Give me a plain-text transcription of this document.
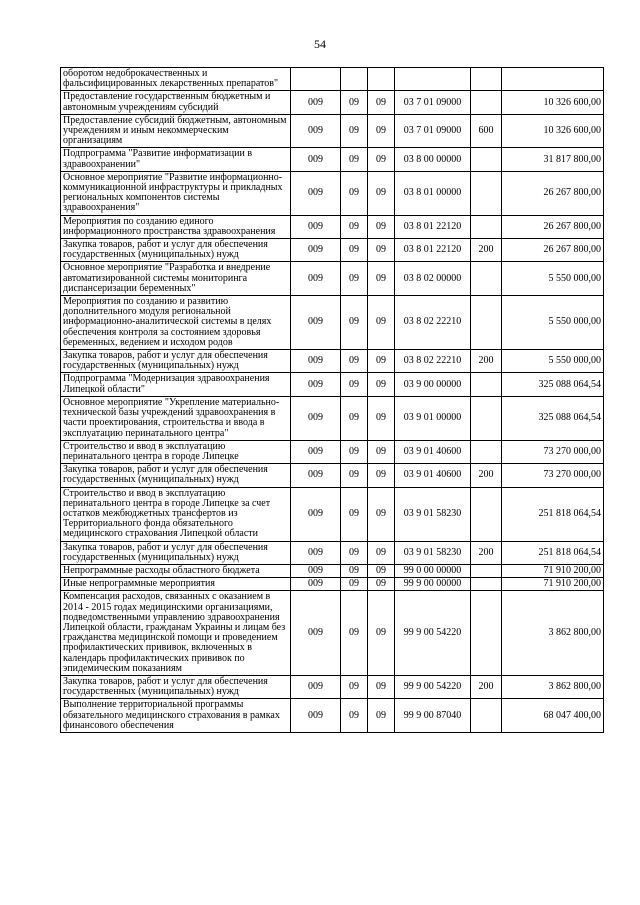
54
оборотом недоброкачественных и фальсифицированных лекарственных препаратов"						
Предоставление государственным бюджетным и автономным учреждениям субсидий	009	09	09	03 7 01 09000		10 326 600,00
Предоставление субсидий бюджетным, автономным учреждениям и иным некоммерческим организациям	009	09	09	03 7 01 09000	600	10 326 600,00
Подпрограмма "Развитие информатизации в здравоохранении"	009	09	09	03 8 00 00000		31 817 800,00
Основное мероприятие "Развитие информационно-коммуникационной инфраструктуры и прикладных региональных компонентов системы здравоохранения"	009	09	09	03 8 01 00000		26 267 800,00
Мероприятия по созданию единого информационного пространства здравоохранения	009	09	09	03 8 01 22120		26 267 800,00
Закупка товаров, работ и услуг для обеспечения государственных (муниципальных) нужд	009	09	09	03 8 01 22120	200	26 267 800,00
Основное мероприятие "Разработка и внедрение автоматизированной системы мониторинга диспансеризации беременных"	009	09	09	03 8 02 00000		5 550 000,00
Мероприятия по созданию и развитию дополнительного модуля региональной информационно-аналитической системы в целях обеспечения контроля за состоянием здоровья беременных, ведением и исходом родов	009	09	09	03 8 02 22210		5 550 000,00
Закупка товаров, работ и услуг для обеспечения государственных (муниципальных) нужд	009	09	09	03 8 02 22210	200	5 550 000,00
Подпрограмма "Модернизация здравоохранения Липецкой области"	009	09	09	03 9 00 00000		325 088 064,54
Основное мероприятие "Укрепление материально-технической базы учреждений здравоохранения в части проектирования, строительства и ввода в эксплуатацию перинатального центра"	009	09	09	03 9 01 00000		325 088 064,54
Строительство и ввод в эксплуатацию перинатального центра в городе Липецке	009	09	09	03 9 01 40600		73 270 000,00
Закупка товаров, работ и услуг для обеспечения государственных (муниципальных) нужд	009	09	09	03 9 01 40600	200	73 270 000,00
Строительство и ввод в эксплуатацию перинатального центра в городе Липецке за счет остатков межбюджетных трансфертов из Территориального фонда обязательного медицинского страхования Липецкой области	009	09	09	03 9 01 58230		251 818 064,54
Закупка товаров, работ и услуг для обеспечения государственных (муниципальных) нужд	009	09	09	03 9 01 58230	200	251 818 064,54
Непрограммные расходы областного бюджета	009	09	09	99 0 00 00000		71 910 200,00
Иные непрограммные мероприятия	009	09	09	99 9 00 00000		71 910 200,00
Компенсация расходов, связанных с оказанием в 2014 - 2015 годах медицинскими организациями, подведомственными управлению здравоохранения Липецкой области, гражданам Украины и лицам без гражданства медицинской помощи и проведением профилактических прививок, включенных в календарь профилактических прививок по эпидемическим показаниям	009	09	09	99 9 00 54220		3 862 800,00
Закупка товаров, работ и услуг для обеспечения государственных (муниципальных) нужд	009	09	09	99 9 00 54220	200	3 862 800,00
Выполнение территориальной программы обязательного медицинского страхования в рамках финансового обеспечения	009	09	09	99 9 00 87040		68 047 400,00
